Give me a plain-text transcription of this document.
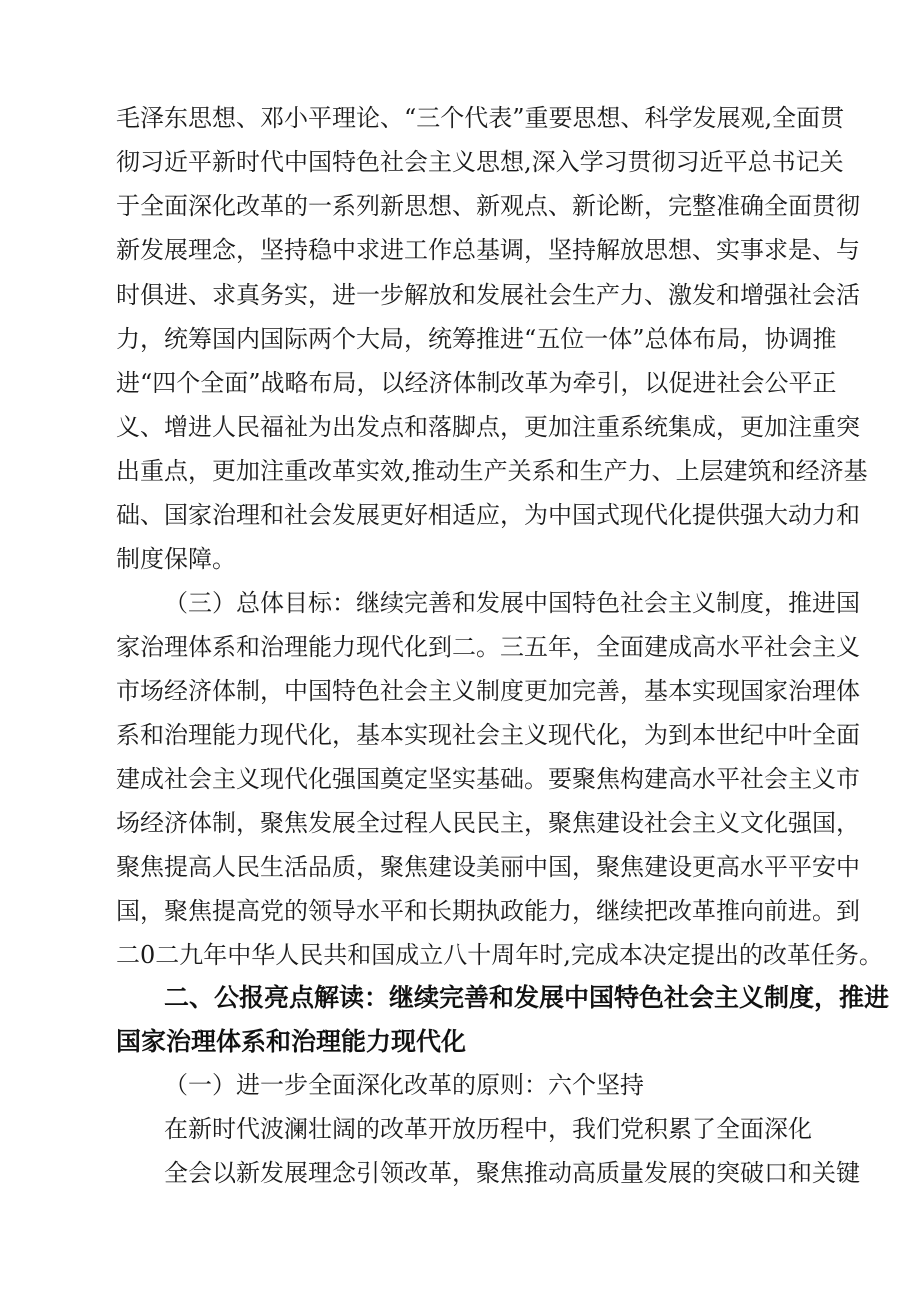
毛泽东思想、邓小平理论、“三个代表”重要思想、科学发展观,全面贯
彻习近平新时代中国特色社会主义思想,深入学习贯彻习近平总书记关
于全面深化改革的一系列新思想、新观点、新论断，完整准确全面贯彻
新发展理念，坚持稳中求进工作总基调，坚持解放思想、实事求是、与
时俱进、求真务实，进一步解放和发展社会生产力、激发和增强社会活
力，统筹国内国际两个大局，统筹推进“五位一体”总体布局，协调推
进“四个全面”战略布局，以经济体制改革为牵引，以促进社会公平正
义、增进人民福祉为出发点和落脚点，更加注重系统集成，更加注重突
出重点，更加注重改革实效,推动生产关系和生产力、上层建筑和经济基
础、国家治理和社会发展更好相适应，为中国式现代化提供强大动力和
制度保障。
（三）总体目标：继续完善和发展中国特色社会主义制度，推进国
家治理体系和治理能力现代化到二。三五年，全面建成高水平社会主义
市场经济体制，中国特色社会主义制度更加完善，基本实现国家治理体
系和治理能力现代化，基本实现社会主义现代化，为到本世纪中叶全面
建成社会主义现代化强国奠定坚实基础。要聚焦构建高水平社会主义市
场经济体制，聚焦发展全过程人民民主，聚焦建设社会主义文化强国，
聚焦提高人民生活品质，聚焦建设美丽中国，聚焦建设更高水平平安中
国，聚焦提高党的领导水平和长期执政能力，继续把改革推向前进。到
二0二九年中华人民共和国成立八十周年时,完成本决定提出的改革任务。
二、公报亮点解读：继续完善和发展中国特色社会主义制度，推进
国家治理体系和治理能力现代化
（一）进一步全面深化改革的原则：六个坚持
在新时代波澜壮阔的改革开放历程中，我们党积累了全面深化
全会以新发展理念引领改革，聚焦推动高质量发展的突破口和关键
